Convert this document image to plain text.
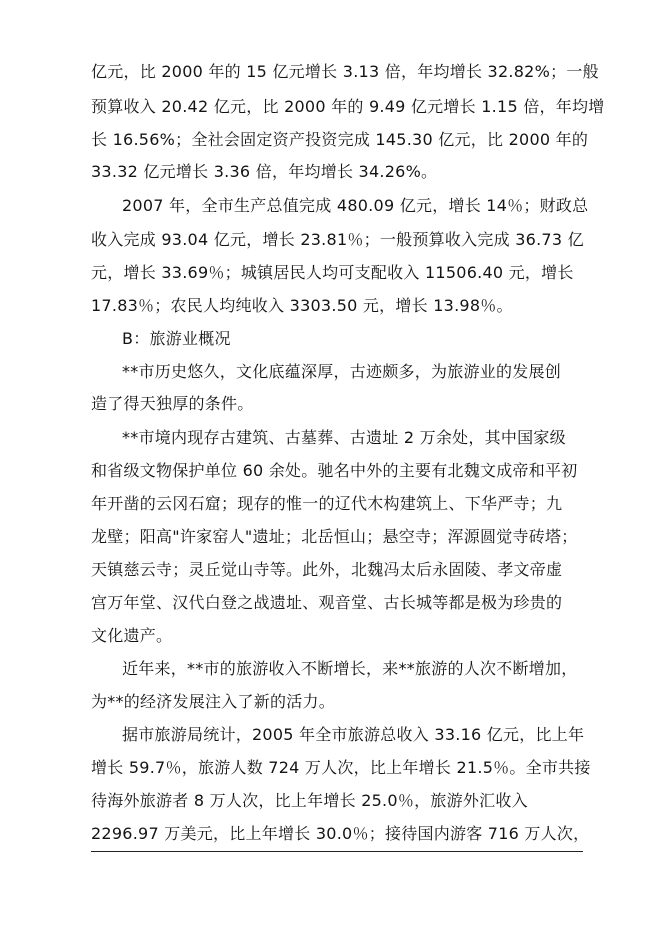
亿元，比 2000 年的 15 亿元增长 3.13 倍，年均增长 32.82%；一般
预算收入 20.42 亿元，比 2000 年的 9.49 亿元增长 1.15 倍，年均增
长 16.56%；全社会固定资产投资完成 145.30 亿元，比 2000 年的
33.32 亿元增长 3.36 倍，年均增长 34.26%。
2007 年，全市生产总值完成 480.09 亿元，增长 14％；财政总
收入完成 93.04 亿元，增长 23.81％；一般预算收入完成 36.73 亿
元，增长 33.69％；城镇居民人均可支配收入 11506.40 元，增长
17.83％；农民人均纯收入 3303.50 元，增长 13.98％。
B：旅游业概况
**市历史悠久，文化底蕴深厚，古迹颇多，为旅游业的发展创
造了得天独厚的条件。
**市境内现存古建筑、古墓葬、古遗址 2 万余处，其中国家级
和省级文物保护单位 60 余处。驰名中外的主要有北魏文成帝和平初
年开凿的云冈石窟；现存的惟一的辽代木构建筑上、下华严寺；九
龙壁；阳高"许家窑人"遗址；北岳恒山；悬空寺；浑源圆觉寺砖塔；
天镇慈云寺；灵丘觉山寺等。此外，北魏冯太后永固陵、孝文帝虚
宫万年堂、汉代白登之战遗址、观音堂、古长城等都是极为珍贵的
文化遗产。
近年来，**市的旅游收入不断增长，来**旅游的人次不断增加，
为**的经济发展注入了新的活力。
据市旅游局统计，2005 年全市旅游总收入 33.16 亿元，比上年
增长 59.7％，旅游人数 724 万人次，比上年增长 21.5％。全市共接
待海外旅游者 8 万人次，比上年增长 25.0％，旅游外汇收入
2296.97 万美元，比上年增长 30.0％；接待国内游客 716 万人次，
